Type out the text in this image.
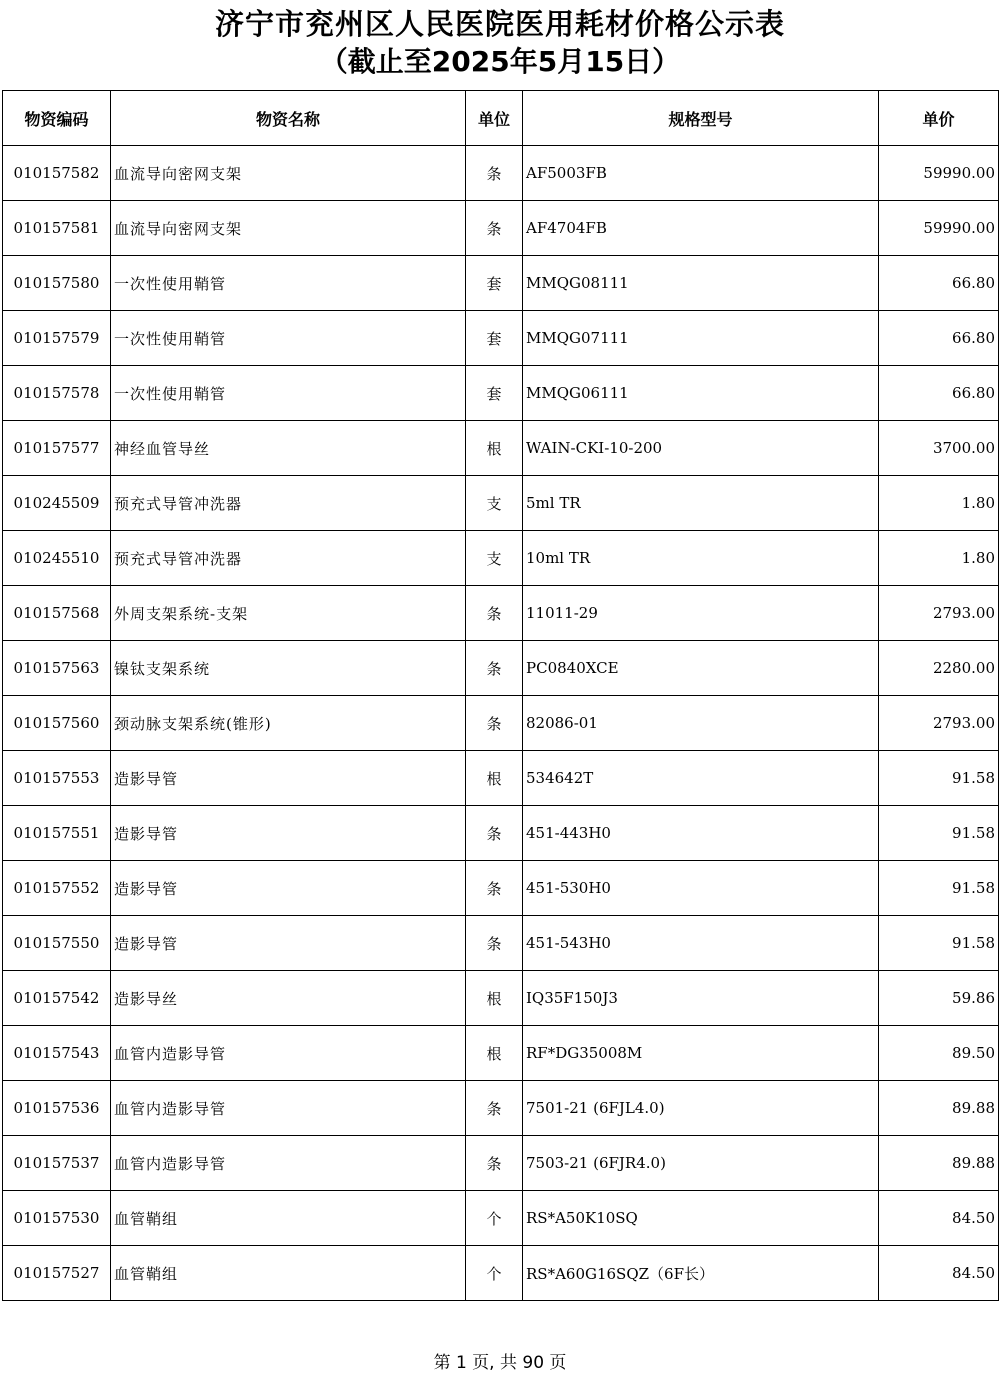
济宁市兖州区人民医院医用耗材价格公示表
（截止至2025年5月15日）
物资编码	物资名称	单位	规格型号	单价
010157582	血流导向密网支架	条	AF5003FB	59990.00
010157581	血流导向密网支架	条	AF4704FB	59990.00
010157580	一次性使用鞘管	套	MMQG08111	66.80
010157579	一次性使用鞘管	套	MMQG07111	66.80
010157578	一次性使用鞘管	套	MMQG06111	66.80
010157577	神经血管导丝	根	WAIN-CKI-10-200	3700.00
010245509	预充式导管冲洗器	支	5ml TR	1.80
010245510	预充式导管冲洗器	支	10ml TR	1.80
010157568	外周支架系统-支架	条	11011-29	2793.00
010157563	镍钛支架系统	条	PC0840XCE	2280.00
010157560	颈动脉支架系统(锥形)	条	82086-01	2793.00
010157553	造影导管	根	534642T	91.58
010157551	造影导管	条	451-443H0	91.58
010157552	造影导管	条	451-530H0	91.58
010157550	造影导管	条	451-543H0	91.58
010157542	造影导丝	根	IQ35F150J3	59.86
010157543	血管内造影导管	根	RF*DG35008M	89.50
010157536	血管内造影导管	条	7501-21 (6FJL4.0)	89.88
010157537	血管内造影导管	条	7503-21 (6FJR4.0)	89.88
010157530	血管鞘组	个	RS*A50K10SQ	84.50
010157527	血管鞘组	个	RS*A60G16SQZ（6F长）	84.50
第 1 页, 共 90 页
